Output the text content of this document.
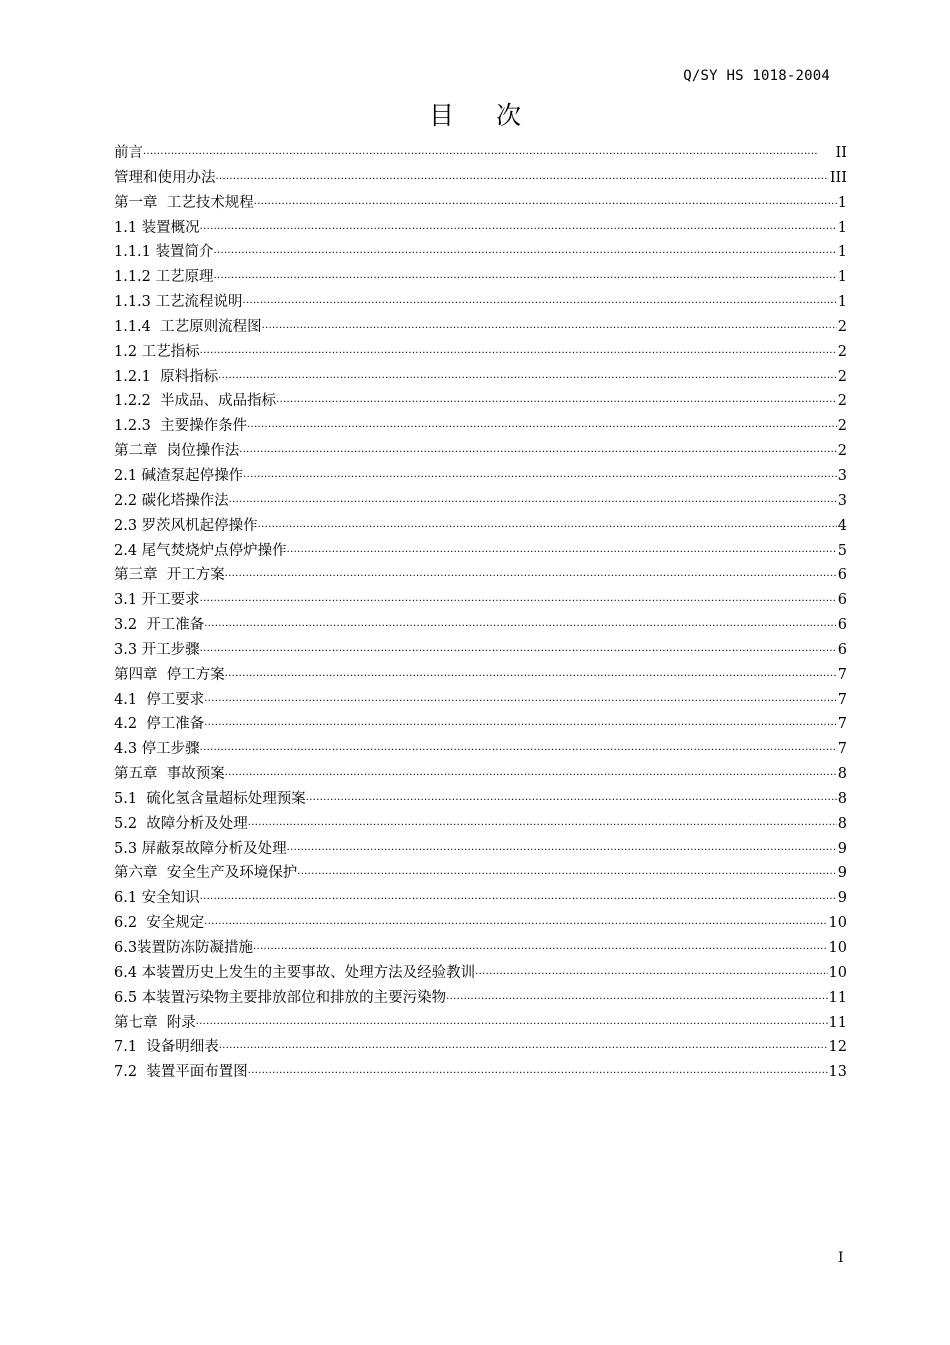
Q/SY HS 1018-2004
目 次
前言 ·····	II
管理和使用办法 ·····	III
第一章  工艺技术规程 ·····	1
1.1 装置概况 ·····	1
1.1.1 装置简介 ·····	1
1.1.2 工艺原理 ·····	1
1.1.3 工艺流程说明 ·····	1
1.1.4  工艺原则流程图 ·····	2
1.2 工艺指标 ·····	2
1.2.1  原料指标 ·····	2
1.2.2  半成品、成品指标 ·····	2
1.2.3  主要操作条件 ·····	2
第二章  岗位操作法 ·····	2
2.1 碱渣泵起停操作 ·····	3
2.2 碳化塔操作法 ·····	3
2.3 罗茨风机起停操作 ·····	4
2.4 尾气焚烧炉点停炉操作 ·····	5
第三章  开工方案 ·····	6
3.1 开工要求 ·····	6
3.2  开工准备 ·····	6
3.3 开工步骤 ·····	6
第四章  停工方案 ·····	7
4.1  停工要求 ·····	7
4.2  停工准备 ·····	7
4.3 停工步骤 ·····	7
第五章  事故预案 ·····	8
5.1  硫化氢含量超标处理预案 ·····	8
5.2  故障分析及处理 ·····	8
5.3 屏蔽泵故障分析及处理 ·····	9
第六章  安全生产及环境保护 ·····	9
6.1 安全知识 ·····	9
6.2  安全规定 ·····	10
6.3装置防冻防凝措施 ·····	10
6.4 本装置历史上发生的主要事故、处理方法及经验教训 ·····	10
6.5 本装置污染物主要排放部位和排放的主要污染物 ·····	11
第七章  附录 ·····	11
7.1  设备明细表 ·····	12
7.2  装置平面布置图 ·····	13
I
